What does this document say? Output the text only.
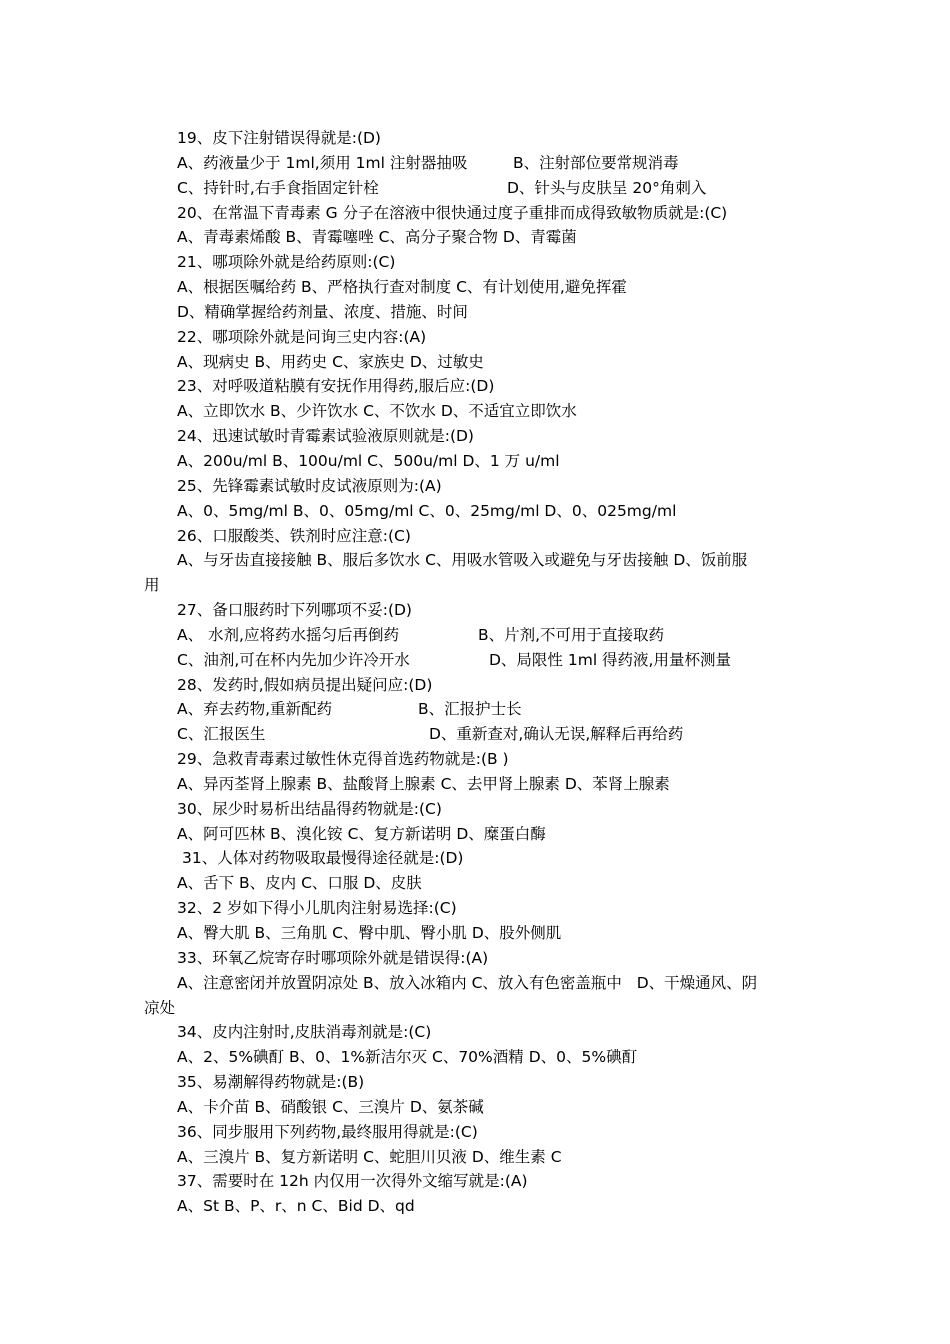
19、皮下注射错误得就是:(D)
A、药液量少于 1ml,须用 1ml 注射器抽吸	B、注射部位要常规消毒
C、持针时,右手食指固定针栓	D、针头与皮肤呈 20°角刺入
20、在常温下青毒素 G 分子在溶液中很快通过度子重排而成得致敏物质就是:(C)
A、青毒素烯酸 B、青霉噻唑 C、高分子聚合物 D、青霉菌
21、哪项除外就是给药原则:(C)
A、根据医嘱给药 B、严格执行查对制度 C、有计划使用,避免挥霍
D、精确掌握给药剂量、浓度、措施、时间
22、哪项除外就是问询三史内容:(A)
A、现病史 B、用药史 C、家族史 D、过敏史
23、对呼吸道粘膜有安抚作用得药,服后应:(D)
A、立即饮水 B、少许饮水 C、不饮水 D、不适宜立即饮水
24、迅速试敏时青霉素试验液原则就是:(D)
A、200u/ml B、100u/ml C、500u/ml D、1 万 u/ml
25、先锋霉素试敏时皮试液原则为:(A)
A、0、5mg/ml B、0、05mg/ml C、0、25mg/ml D、0、025mg/ml
26、口服酸类、铁剂时应注意:(C)
A、与牙齿直接接触 B、服后多饮水 C、用吸水管吸入或避免与牙齿接触 D、饭前服
用
27、备口服药时下列哪项不妥:(D)
A、 水剂,应将药水摇匀后再倒药	B、片剂,不可用于直接取药
C、油剂,可在杯内先加少许冷开水	D、局限性 1ml 得药液,用量杯测量
28、发药时,假如病员提出疑问应:(D)
A、弃去药物,重新配药	B、汇报护士长
C、汇报医生	D、重新查对,确认无误,解释后再给药
29、急救青毒素过敏性休克得首选药物就是:(B )
A、异丙荃肾上腺素 B、盐酸肾上腺素 C、去甲肾上腺素 D、苯肾上腺素
30、尿少时易析出结晶得药物就是:(C)
A、阿可匹林 B、溴化铵 C、复方新诺明 D、糜蛋白酶
31、人体对药物吸取最慢得途径就是:(D)
A、舌下 B、皮内 C、口服 D、皮肤
32、2 岁如下得小儿肌肉注射易选择:(C)
A、臀大肌 B、三角肌 C、臀中肌、臀小肌 D、股外侧肌
33、环氧乙烷寄存时哪项除外就是错误得:(A)
A、注意密闭并放置阴凉处 B、放入冰箱内 C、放入有色密盖瓶中   D、干燥通风、阴
凉处
34、皮内注射时,皮肤消毒剂就是:(C)
A、2、5%碘酊 B、0、1%新洁尔灭 C、70%酒精 D、0、5%碘酊
35、易潮解得药物就是:(B)
A、卡介苗 B、硝酸银 C、三溴片 D、氨茶碱
36、同步服用下列药物,最终服用得就是:(C)
A、三溴片 B、复方新诺明 C、蛇胆川贝液 D、维生素 C
37、需要时在 12h 内仅用一次得外文缩写就是:(A)
A、St B、P、r、n C、Bid D、qd
